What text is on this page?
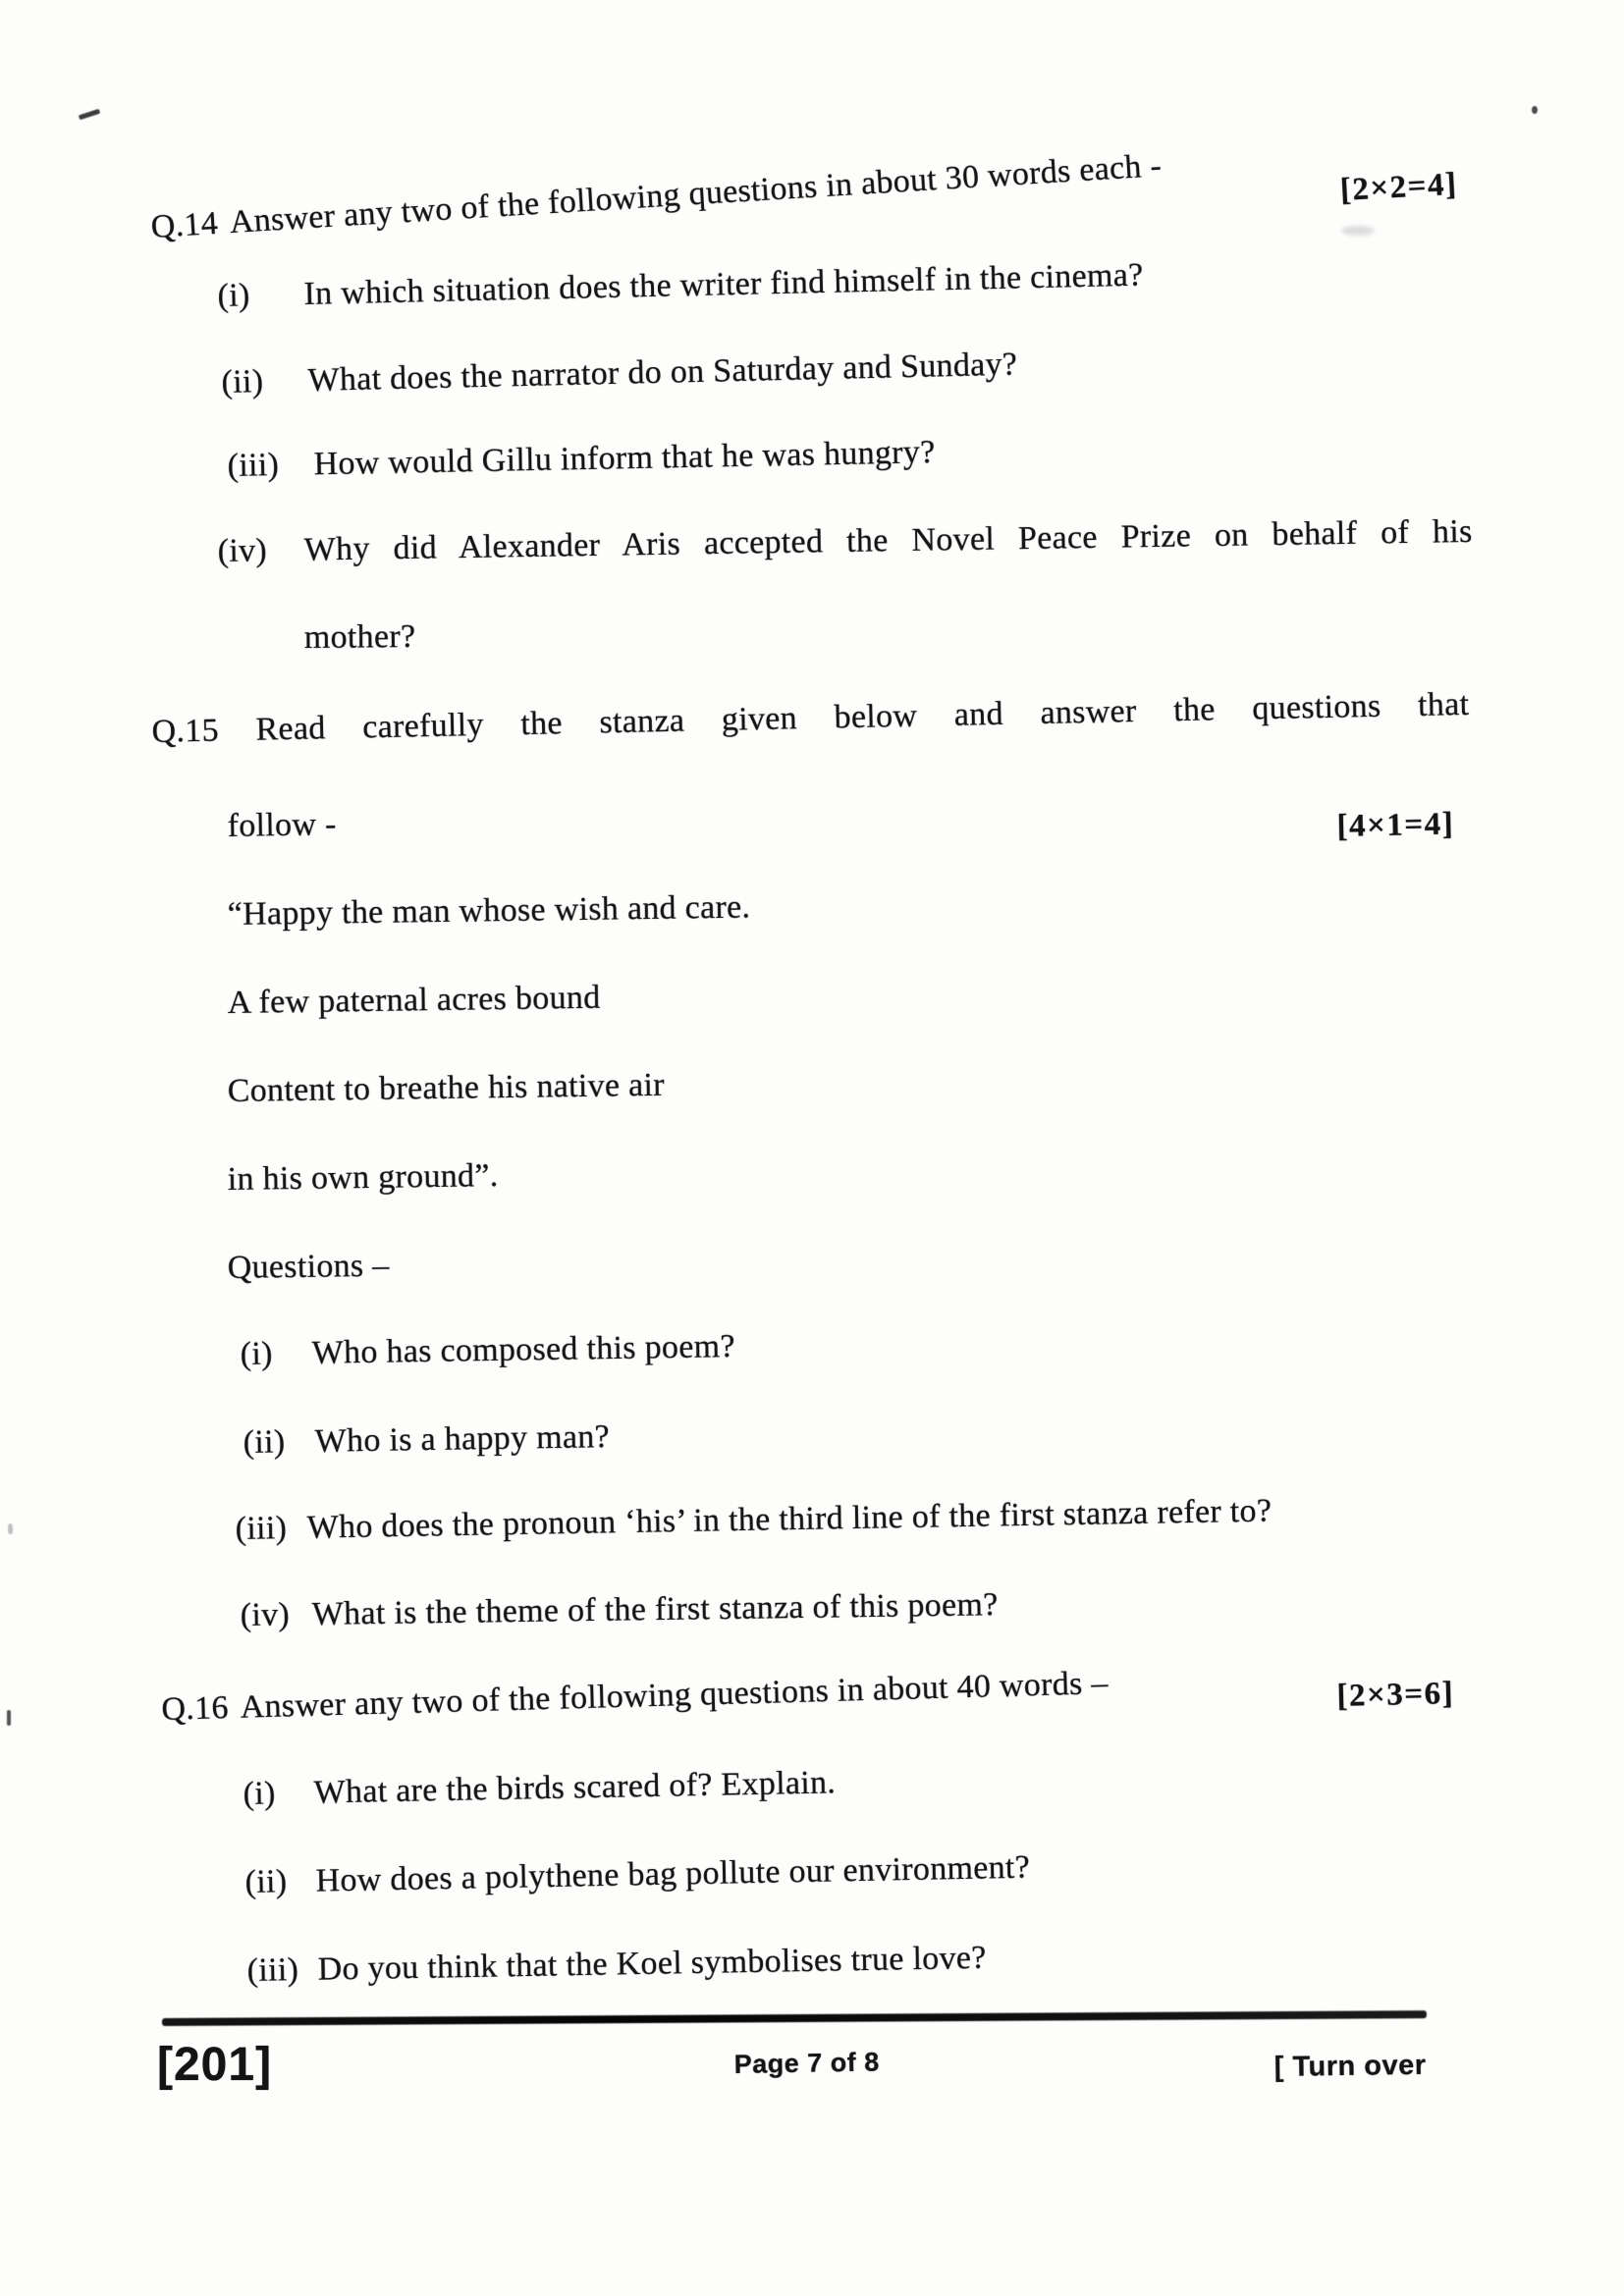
Q.14 Answer any two of the following questions in about 30 words each -	[2×2=4]
(i) In which situation does the writer find himself in the cinema?
(ii) What does the narrator do on Saturday and Sunday?
(iii) How would Gillu inform that he was hungry?
(iv) Why did Alexander Aris accepted the Novel Peace Prize on behalf of his
mother?
Q.15 Read carefully the stanza given below and answer the questions that
follow -	[4×1=4]
“Happy the man whose wish and care.
A few paternal acres bound
Content to breathe his native air
in his own ground”.
Questions –
(i) Who has composed this poem?
(ii) Who is a happy man?
(iii) Who does the pronoun ‘his’ in the third line of the first stanza refer to?
(iv) What is the theme of the first stanza of this poem?
Q.16 Answer any two of the following questions in about 40 words –	[2×3=6]
(i) What are the birds scared of? Explain.
(ii) How does a polythene bag pollute our environment?
(iii) Do you think that the Koel symbolises true love?
[201]	Page 7 of 8	[ Turn over
